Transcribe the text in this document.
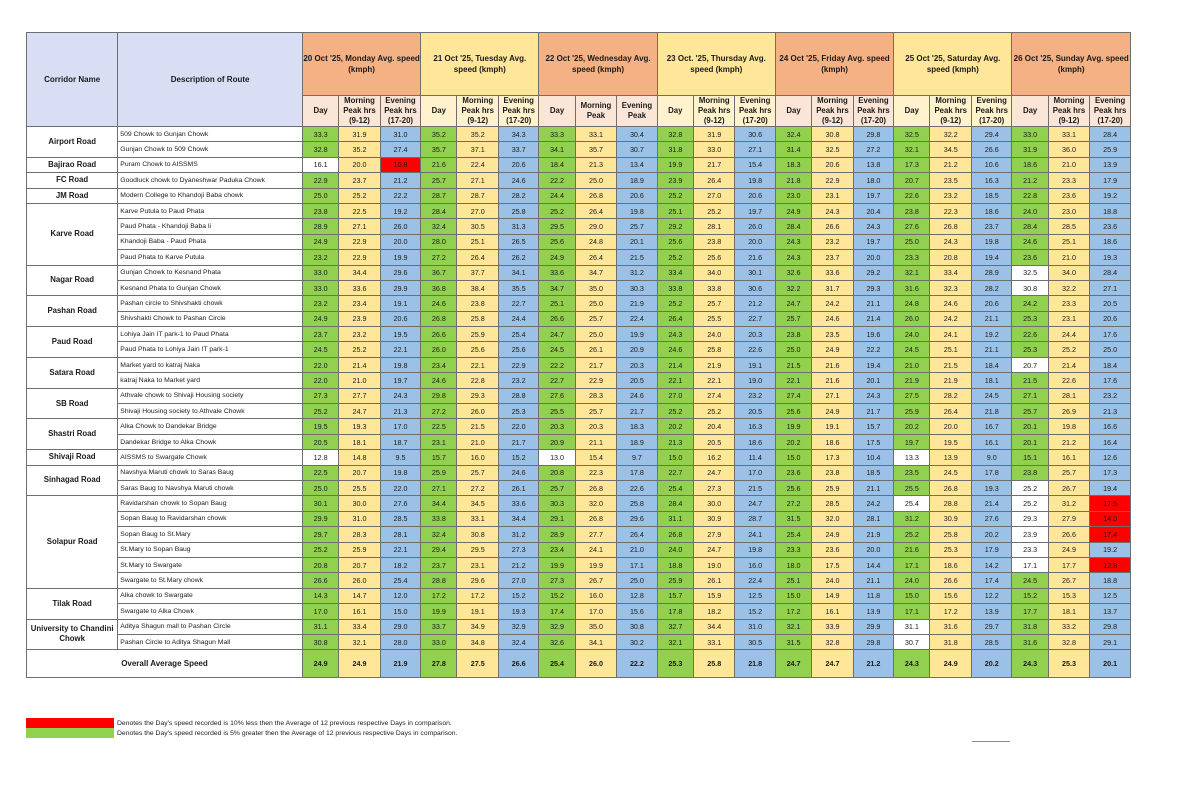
Corridor Name	Description of Route	20 Oct '25, Monday Avg. speed (kmph)			21 Oct '25, Tuesday Avg. speed (kmph)			22 Oct '25, Wednesday Avg. speed (kmph)			23 Oct. '25, Thursday Avg. speed (kmph)			24 Oct '25, Friday Avg. speed (kmph)			25 Oct '25, Saturday Avg. speed (kmph)			26 Oct '25, Sunday Avg. speed (kmph)		
		Day	Morning Peak hrs (9-12)	Evening Peak hrs (17-20)	Day	Morning Peak hrs (9-12)	Evening Peak hrs (17-20)	Day	Morning Peak	Evening Peak	Day	Morning Peak hrs (9-12)	Evening Peak hrs (17-20)	Day	Morning Peak hrs (9-12)	Evening Peak hrs (17-20)	Day	Morning Peak hrs (9-12)	Evening Peak hrs (17-20)	Day	Morning Peak hrs (9-12)	Evening Peak hrs (17-20)
Airport Road	509 Chowk to Gunjan Chowk	33.3	31.9	31.0	35.2	35.2	34.3	33.3	33.1	30.4	32.8	31.9	30.6	32.4	30.8	29.8	32.5	32.2	29.4	33.0	33.1	28.4
	Gunjan Chowk to 509 Chowk	32.8	35.2	27.4	35.7	37.1	33.7	34.1	35.7	30.7	31.8	33.0	27.1	31.4	32.5	27.2	32.1	34.5	26.6	31.9	36.0	25.9
Bajirao Road	Puram Chowk to AISSMS	16.1	20.0	10.8	21.6	22.4	20.6	18.4	21.3	13.4	19.9	21.7	15.4	18.3	20.6	13.8	17.3	21.2	10.6	18.6	21.0	13.9
FC Road	Goodluck chowk to Dyaneshwar Paduka Chowk	22.9	23.7	21.2	25.7	27.1	24.6	22.2	25.0	18.9	23.9	26.4	19.8	21.8	22.9	18.0	20.7	23.5	16.3	21.2	23.3	17.9
JM Road	Modern College to Khandoji Baba chowk	25.0	25.2	22.2	28.7	28.7	28.2	24.4	26.8	20.6	25.2	27.0	20.6	23.0	23.1	19.7	22.6	23.2	18.5	22.8	23.6	19.2
Karve Road	Karve Putula to Paud Phata	23.8	22.5	19.2	28.4	27.0	25.8	25.2	26.4	19.8	25.1	25.2	19.7	24.9	24.3	20.4	23.8	22.3	18.6	24.0	23.0	18.8
	Paud Phata - Khandoji Baba li	28.9	27.1	26.0	32.4	30.5	31.3	29.5	29.0	25.7	29.2	28.1	26.0	28.4	26.6	24.3	27.6	26.8	23.7	28.4	28.5	23.6
	Khandoji Baba - Paud Phata	24.9	22.9	20.0	28.0	25.1	26.5	25.6	24.8	20.1	25.6	23.8	20.0	24.3	23.2	19.7	25.0	24.3	19.8	24.6	25.1	18.6
	Paud Phata to Karve Putula	23.2	22.9	19.9	27.2	26.4	26.2	24.9	26.4	21.5	25.2	25.6	21.6	24.3	23.7	20.0	23.3	20.8	19.4	23.6	21.0	19.3
Nagar Road	Gunjan Chowk to Kesnand Phata	33.0	34.4	29.6	36.7	37.7	34.1	33.6	34.7	31.2	33.4	34.0	30.1	32.6	33.6	29.2	32.1	33.4	28.9	32.5	34.0	28.4
	Kesnand Phata to Gunjan Chowk	33.0	33.6	29.9	36.8	38.4	35.5	34.7	35.0	30.3	33.8	33.8	30.6	32.2	31.7	29.3	31.6	32.3	28.2	30.8	32.2	27.1
Pashan Road	Pashan circle to Shivshakti chowk	23.2	23.4	19.1	24.6	23.8	22.7	25.1	25.0	21.9	25.2	25.7	21.2	24.7	24.2	21.1	24.8	24.6	20.6	24.2	23.3	20.5
	Shivshakti Chowk to Pashan Circle	24.9	23.9	20.6	26.8	25.8	24.4	26.6	25.7	22.4	26.4	25.5	22.7	25.7	24.6	21.4	26.0	24.2	21.1	25.3	23.1	20.6
Paud Road	Lohiya Jain IT park-1 to Paud Phata	23.7	23.2	19.5	26.6	25.9	25.4	24.7	25.0	19.9	24.3	24.0	20.3	23.8	23.5	19.6	24.0	24.1	19.2	22.6	24.4	17.6
	Paud Phata to Lohiya Jain IT park-1	24.5	25.2	22.1	26.0	25.6	25.6	24.5	26.1	20.9	24.6	25.8	22.6	25.0	24.9	22.2	24.5	25.1	21.1	25.3	25.2	25.0
Satara Road	Market yard to katraj Naka	22.0	21.4	19.8	23.4	22.1	22.9	22.2	21.7	20.3	21.4	21.9	19.1	21.5	21.6	19.4	21.0	21.5	18.4	20.7	21.4	18.4
	katraj Naka to Market yard	22.0	21.0	19.7	24.6	22.8	23.2	22.7	22.9	20.5	22.1	22.1	19.0	22.1	21.6	20.1	21.9	21.9	18.1	21.5	22.6	17.6
SB Road	Athvale chowk to Shivaji Housing society	27.3	27.7	24.3	29.8	29.3	28.8	27.6	28.3	24.6	27.0	27.4	23.2	27.4	27.1	24.3	27.5	28.2	24.5	27.1	28.1	23.2
	Shivaji Housing society to Athvale Chowk	25.2	24.7	21.3	27.2	26.0	25.3	25.5	25.7	21.7	25.2	25.2	20.5	25.6	24.9	21.7	25.9	26.4	21.8	25.7	26.9	21.3
Shastri Road	Alka Chowk to Dandekar Bridge	19.5	19.3	17.0	22.5	21.5	22.0	20.3	20.3	18.3	20.2	20.4	16.3	19.9	19.1	15.7	20.2	20.0	16.7	20.1	19.8	16.6
	Dandekar Bridge to Alka Chowk	20.5	18.1	18.7	23.1	21.0	21.7	20.9	21.1	18.9	21.3	20.5	18.6	20.2	18.6	17.5	19.7	19.5	16.1	20.1	21.2	16.4
Shivaji Road	AISSMS to Swargate Chowk	12.8	14.8	9.5	15.7	16.0	15.2	13.0	15.4	9.7	15.0	16.2	11.4	15.0	17.3	10.4	13.3	13.9	9.0	15.1	16.1	12.6
Sinhagad Road	Navshya Maruti chowk to Saras Baug	22.5	20.7	19.8	25.9	25.7	24.6	20.8	22.3	17.8	22.7	24.7	17.0	23.6	23.8	18.5	23.5	24.5	17.8	23.8	25.7	17.3
	Saras Baug to Navshya Maruti chowk	25.0	25.5	22.0	27.1	27.2	26.1	25.7	26.8	22.6	25.4	27.3	21.5	25.6	25.9	21.1	25.5	26.8	19.3	25.2	26.7	19.4
Solapur Road	Ravidarshan chowk to Sopan Baug	30.1	30.0	27.6	34.4	34.5	33.6	30.3	32.0	25.8	28.4	30.0	24.7	27.2	28.5	24.2	25.4	28.8	21.4	25.2	31.2	17.5
	Sopan Baug to Ravidarshan chowk	29.9	31.0	28.5	33.8	33.1	34.4	29.1	26.8	29.6	31.1	30.9	28.7	31.5	32.0	28.1	31.2	30.9	27.6	29.3	27.9	14.0
	Sopan Baug to St.Mary	29.7	28.3	28.1	32.4	30.8	31.2	28.9	27.7	26.4	26.8	27.9	24.1	25.4	24.9	21.9	25.2	25.8	20.2	23.9	26.6	17.4
	St.Mary to Sopan Baug	25.2	25.9	22.1	29.4	29.5	27.3	23.4	24.1	21.0	24.0	24.7	19.8	23.3	23.6	20.0	21.6	25.3	17.9	23.3	24.9	19.2
	St.Mary to Swargate	20.8	20.7	18.2	23.7	23.1	21.2	19.9	19.9	17.1	18.8	19.0	16.0	18.0	17.5	14.4	17.1	18.6	14.2	17.1	17.7	12.8
	Swargate to St.Mary chowk	26.6	26.0	25.4	28.8	29.6	27.0	27.3	26.7	25.0	25.9	26.1	22.4	25.1	24.0	21.1	24.0	26.6	17.4	24.5	26.7	18.8
Tilak Road	Alka chowk to Swargate	14.3	14.7	12.0	17.2	17.2	15.2	15.2	16.0	12.8	15.7	15.9	12.5	15.0	14.9	11.8	15.0	15.6	12.2	15.2	15.3	12.5
	Swargate to Alka Chowk	17.0	16.1	15.0	19.9	19.1	19.3	17.4	17.0	15.6	17.8	18.2	15.2	17.2	16.1	13.9	17.1	17.2	13.9	17.7	18.1	13.7
University to Chandini Chowk	Aditya Shagun mall to Pashan Circle	31.1	33.4	29.0	33.7	34.9	32.9	32.9	35.0	30.8	32.7	34.4	31.0	32.1	33.9	29.9	31.1	31.6	29.7	31.8	33.2	29.8
	Pashan Circle to Aditya Shagun Mall	30.8	32.1	28.0	33.0	34.8	32.4	32.6	34.1	30.2	32.1	33.1	30.5	31.5	32.8	29.8	30.7	31.8	28.5	31.6	32.8	29.1
Overall Average Speed		24.9	24.9	21.9	27.8	27.5	26.6	25.4	26.0	22.2	25.3	25.8	21.8	24.7	24.7	21.2	24.3	24.9	20.2	24.3	25.3	20.1
Denotes the Day's speed recorded is 10% less then the Average of 12 previous respective Days in comparison.
Denotes the Day's speed recorded is 5% greater then the Average of 12 previous respective Days in comparison.
